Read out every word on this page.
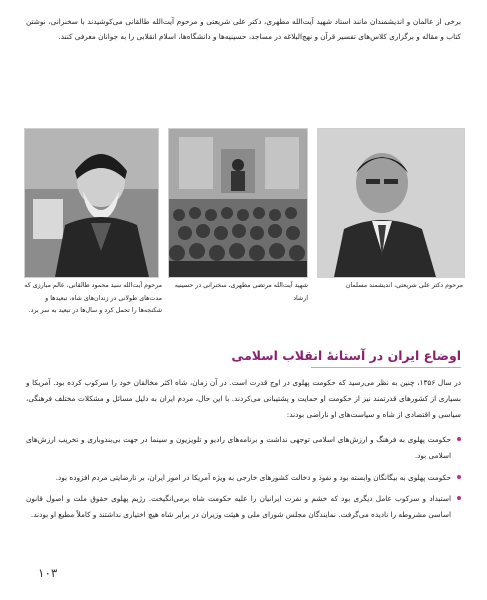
برخی از عالمان و اندیشمندان مانند استاد شهید آیت‌الله مطهری، دکتر علی شریعتی و مرحوم آیت‌الله طالقانی می‌کوشیدند با سخنرانی، نوشتن کتاب و مقاله و برگزاری کلاس‌های تفسیر قرآن و نهج‌البلاغه در مساجد، حسینیه‌ها و دانشگاه‌ها، اسلام انقلابی را به جوانان معرفی کنند.
مرحوم آیت‌الله سید محمود طالقانی، عالم مبارزی که مدت‌های طولانی در زندان‌های شاه، تبعیدها و شکنجه‌ها را تحمل کرد و سال‌ها در تبعید به سر برد.
شهید آیت‌الله مرتضی مطهری، سخنرانی در حسینیه ارشاد
مرحوم دکتر علی شریعتی، اندیشمند مسلمان
اوضاع ایران در آستانهٔ انقلاب اسلامی

در سال ۱۳۵۶، چنین به نظر می‌رسید که حکومت پهلوی در اوج قدرت است. در آن زمان، شاه اکثر مخالفان خود را سرکوب کرده بود. آمریکا و بسیاری از کشورهای قدرتمند نیز از حکومت او حمایت و پشتیبانی می‌کردند. با این حال، مردم ایران به دلیل مسائل و مشکلات مختلف فرهنگی، سیاسی و اقتصادی از شاه و سیاست‌های او ناراضی بودند:

حکومت پهلوی به فرهنگ و ارزش‌های اسلامی توجهی نداشت و برنامه‌های رادیو و تلویزیون و سینما در جهت بی‌بندوباری و تخریب ارزش‌های اسلامی بود.
حکومت پهلوی به بیگانگان وابسته بود و نفوذ و دخالت کشورهای خارجی به ویژه آمریکا در امور ایران، بر نارضایتی مردم افزوده بود.
استبداد و سرکوب عامل دیگری بود که خشم و نفرت ایرانیان را علیه حکومت شاه برمی‌انگیخت. رژیم پهلوی حقوق ملت و اصول قانون اساسی مشروطه را نادیده می‌گرفت. نمایندگان مجلس شورای ملی و هیئت وزیران در برابر شاه هیچ اختیاری نداشتند و کاملاً مطیع او بودند.
۱۰۳
